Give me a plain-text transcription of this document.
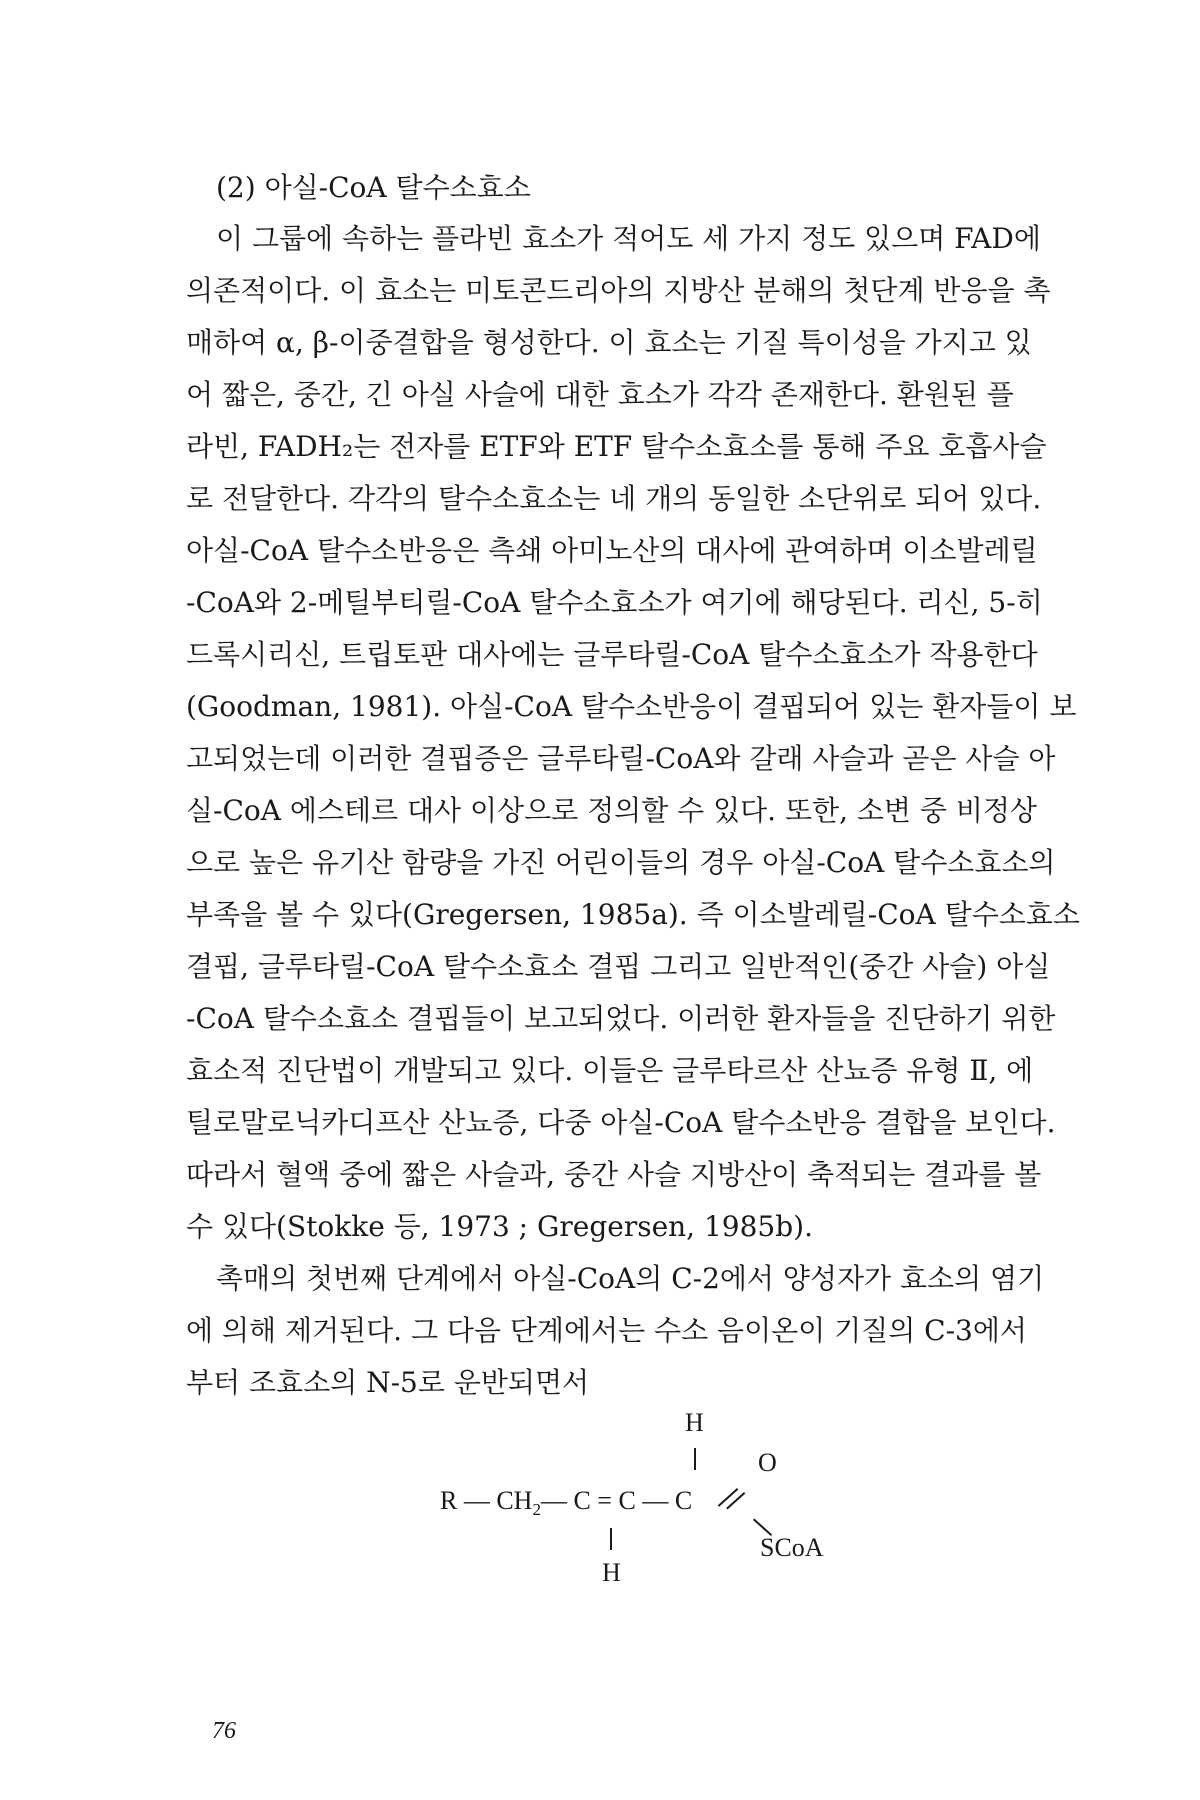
(2) 아실-CoA 탈수소효소
이 그룹에 속하는 플라빈 효소가 적어도 세 가지 정도 있으며 FAD에
의존적이다. 이 효소는 미토콘드리아의 지방산 분해의 첫단계 반응을 촉
매하여 α, β-이중결합을 형성한다. 이 효소는 기질 특이성을 가지고 있
어 짧은, 중간, 긴 아실 사슬에 대한 효소가 각각 존재한다. 환원된 플
라빈, FADH₂는 전자를 ETF와 ETF 탈수소효소를 통해 주요 호흡사슬
로 전달한다. 각각의 탈수소효소는 네 개의 동일한 소단위로 되어 있다.
아실-CoA 탈수소반응은 측쇄 아미노산의 대사에 관여하며 이소발레릴
-CoA와 2-메틸부티릴-CoA 탈수소효소가 여기에 해당된다. 리신, 5-히
드록시리신, 트립토판 대사에는 글루타릴-CoA 탈수소효소가 작용한다
(Goodman, 1981). 아실-CoA 탈수소반응이 결핍되어 있는 환자들이 보
고되었는데 이러한 결핍증은 글루타릴-CoA와 갈래 사슬과 곧은 사슬 아
실-CoA 에스테르 대사 이상으로 정의할 수 있다. 또한, 소변 중 비정상
으로 높은 유기산 함량을 가진 어린이들의 경우 아실-CoA 탈수소효소의
부족을 볼 수 있다(Gregersen, 1985a). 즉 이소발레릴-CoA 탈수소효소
결핍, 글루타릴-CoA 탈수소효소 결핍 그리고 일반적인(중간 사슬) 아실
-CoA 탈수소효소 결핍들이 보고되었다. 이러한 환자들을 진단하기 위한
효소적 진단법이 개발되고 있다. 이들은 글루타르산 산뇨증 유형 Ⅱ, 에
틸로말로닉카디프산 산뇨증, 다중 아실-CoA 탈수소반응 결합을 보인다.
따라서 혈액 중에 짧은 사슬과, 중간 사슬 지방산이 축적되는 결과를 볼
수 있다(Stokke 등, 1973 ; Gregersen, 1985b).
촉매의 첫번째 단계에서 아실-CoA의 C-2에서 양성자가 효소의 염기
에 의해 제거된다. 그 다음 단계에서는 수소 음이온이 기질의 C-3에서
부터 조효소의 N-5로 운반되면서
H
O
R — $CH_2—$ C = C — C
SCoA
H
76
